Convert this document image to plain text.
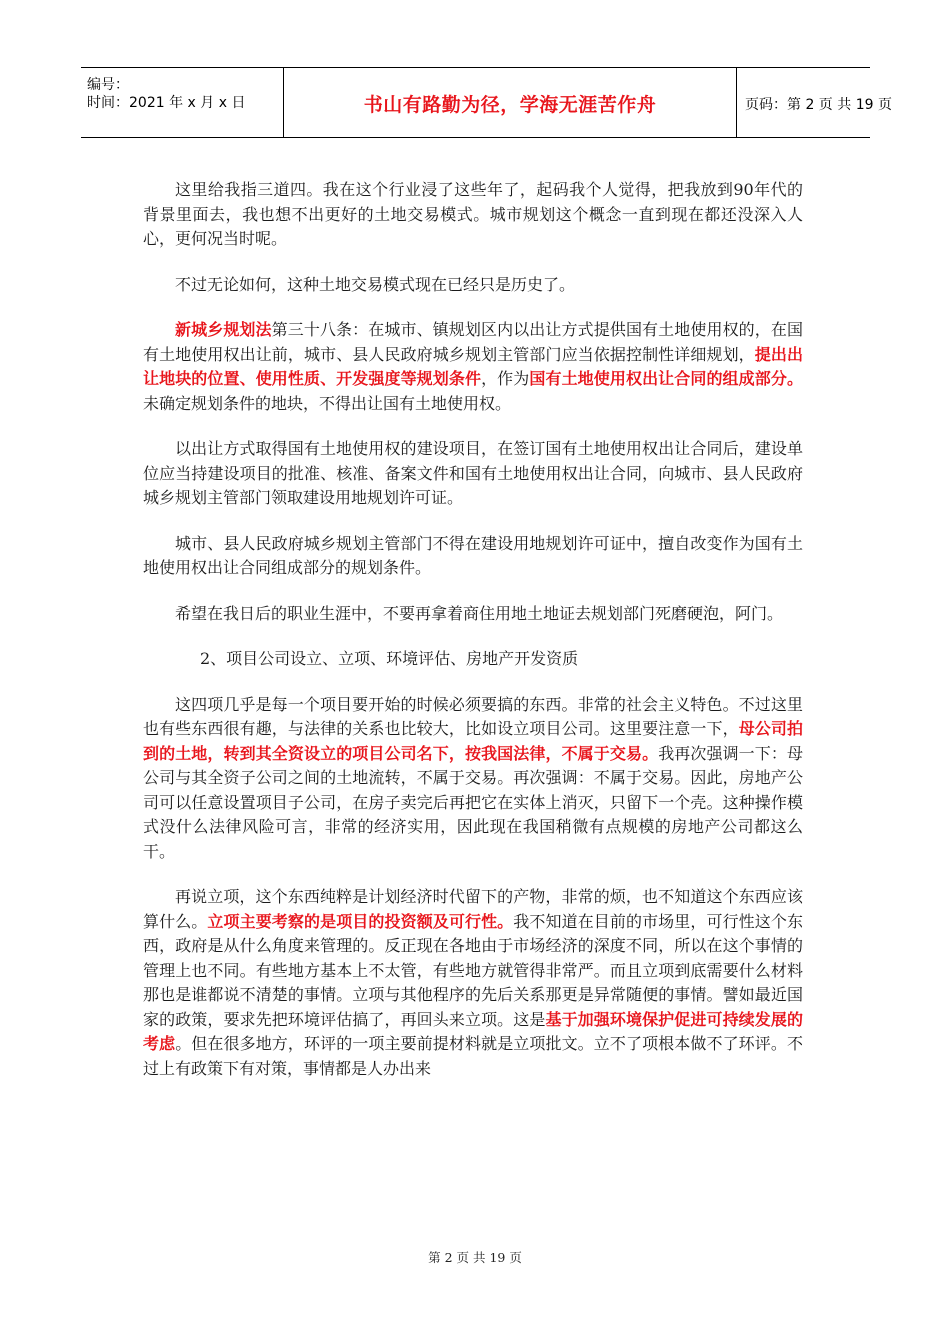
编号：
时间：2021 年 x 月 x 日	书山有路勤为径，学海无涯苦作舟	页码：第 2 页 共 19 页

这里给我指三道四。我在这个行业浸了这些年了，起码我个人觉得，把我放到90年代的背景里面去，我也想不出更好的土地交易模式。城市规划这个概念一直到现在都还没深入人心，更何况当时呢。

不过无论如何，这种土地交易模式现在已经只是历史了。

新城乡规划法第三十八条：在城市、镇规划区内以出让方式提供国有土地使用权的，在国有土地使用权出让前，城市、县人民政府城乡规划主管部门应当依据控制性详细规划，提出出让地块的位置、使用性质、开发强度等规划条件，作为国有土地使用权出让合同的组成部分。未确定规划条件的地块，不得出让国有土地使用权。

以出让方式取得国有土地使用权的建设项目，在签订国有土地使用权出让合同后，建设单位应当持建设项目的批准、核准、备案文件和国有土地使用权出让合同，向城市、县人民政府城乡规划主管部门领取建设用地规划许可证。

城市、县人民政府城乡规划主管部门不得在建设用地规划许可证中，擅自改变作为国有土地使用权出让合同组成部分的规划条件。

希望在我日后的职业生涯中，不要再拿着商住用地土地证去规划部门死磨硬泡，阿门。

2、项目公司设立、立项、环境评估、房地产开发资质

这四项几乎是每一个项目要开始的时候必须要搞的东西。非常的社会主义特色。不过这里也有些东西很有趣，与法律的关系也比较大，比如设立项目公司。这里要注意一下，母公司拍到的土地，转到其全资设立的项目公司名下，按我国法律，不属于交易。我再次强调一下：母公司与其全资子公司之间的土地流转，不属于交易。再次强调：不属于交易。因此，房地产公司可以任意设置项目子公司，在房子卖完后再把它在实体上消灭，只留下一个壳。这种操作模式没什么法律风险可言，非常的经济实用，因此现在我国稍微有点规模的房地产公司都这么干。

再说立项，这个东西纯粹是计划经济时代留下的产物，非常的烦，也不知道这个东西应该算什么。立项主要考察的是项目的投资额及可行性。我不知道在目前的市场里，可行性这个东西，政府是从什么角度来管理的。反正现在各地由于市场经济的深度不同，所以在这个事情的管理上也不同。有些地方基本上不太管，有些地方就管得非常严。而且立项到底需要什么材料那也是谁都说不清楚的事情。立项与其他程序的先后关系那更是异常随便的事情。譬如最近国家的政策，要求先把环境评估搞了，再回头来立项。这是基于加强环境保护促进可持续发展的考虑。但在很多地方，环评的一项主要前提材料就是立项批文。立不了项根本做不了环评。不过上有政策下有对策，事情都是人办出来

第 2 页 共 19 页
